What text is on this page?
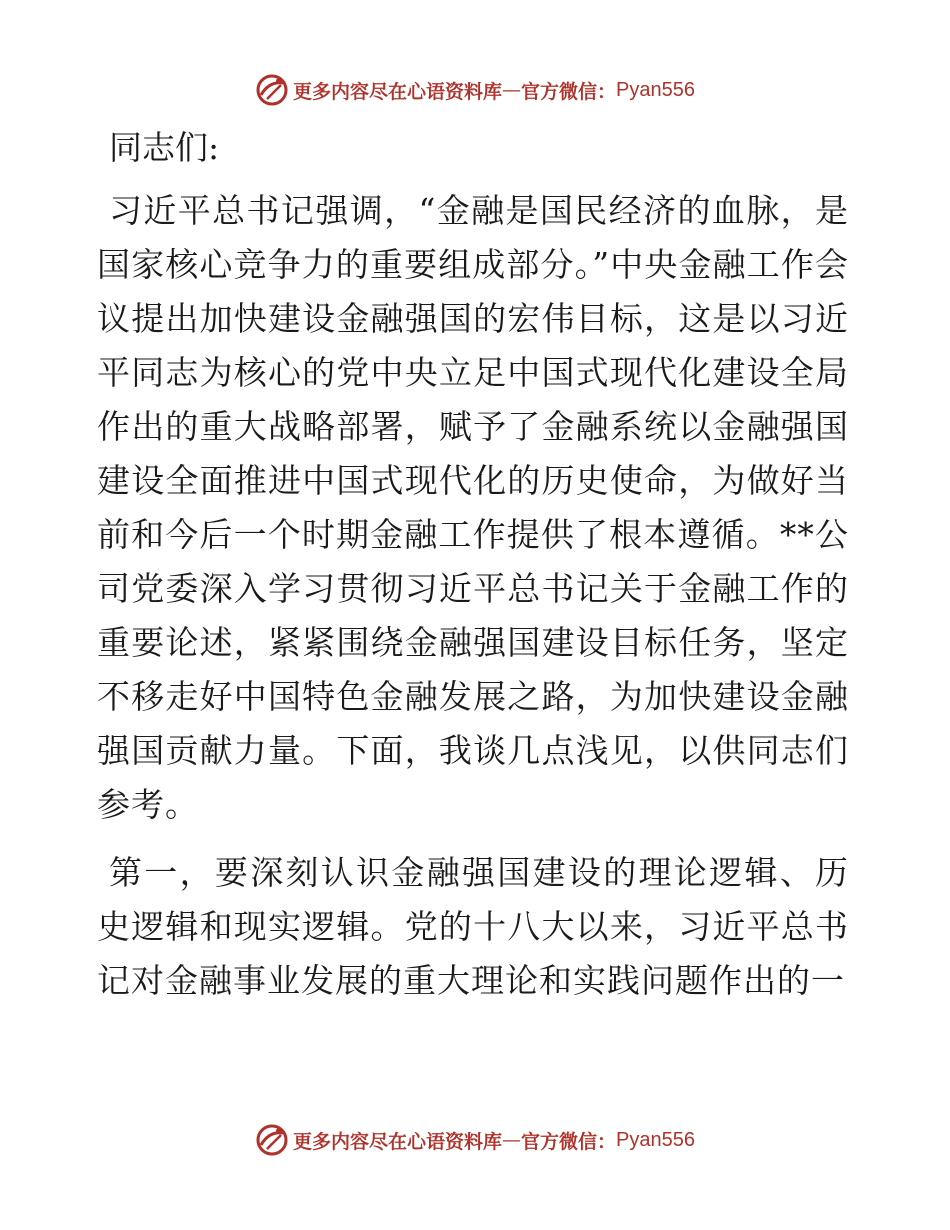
更多内容尽在心语资料库 — 官方微信： Pyan556
同志们:

习近平总书记强调，“金融是国民经济的血脉，是国家核心竞争力的重要组成部分。”中央金融工作会议提出加快建设金融强国的宏伟目标，这是以习近平同志为核心的党中央立足中国式现代化建设全局作出的重大战略部署，赋予了金融系统以金融强国建设全面推进中国式现代化的历史使命，为做好当前和今后一个时期金融工作提供了根本遵循。**公司党委深入学习贯彻习近平总书记关于金融工作的重要论述，紧紧围绕金融强国建设目标任务，坚定不移走好中国特色金融发展之路，为加快建设金融强国贡献力量。下面，我谈几点浅见，以供同志们参考。

第一，要深刻认识金融强国建设的理论逻辑、历史逻辑和现实逻辑。党的十八大以来，习近平总书记对金融事业发展的重大理论和实践问题作出的一

更多内容尽在心语资料库 — 官方微信： Pyan556
